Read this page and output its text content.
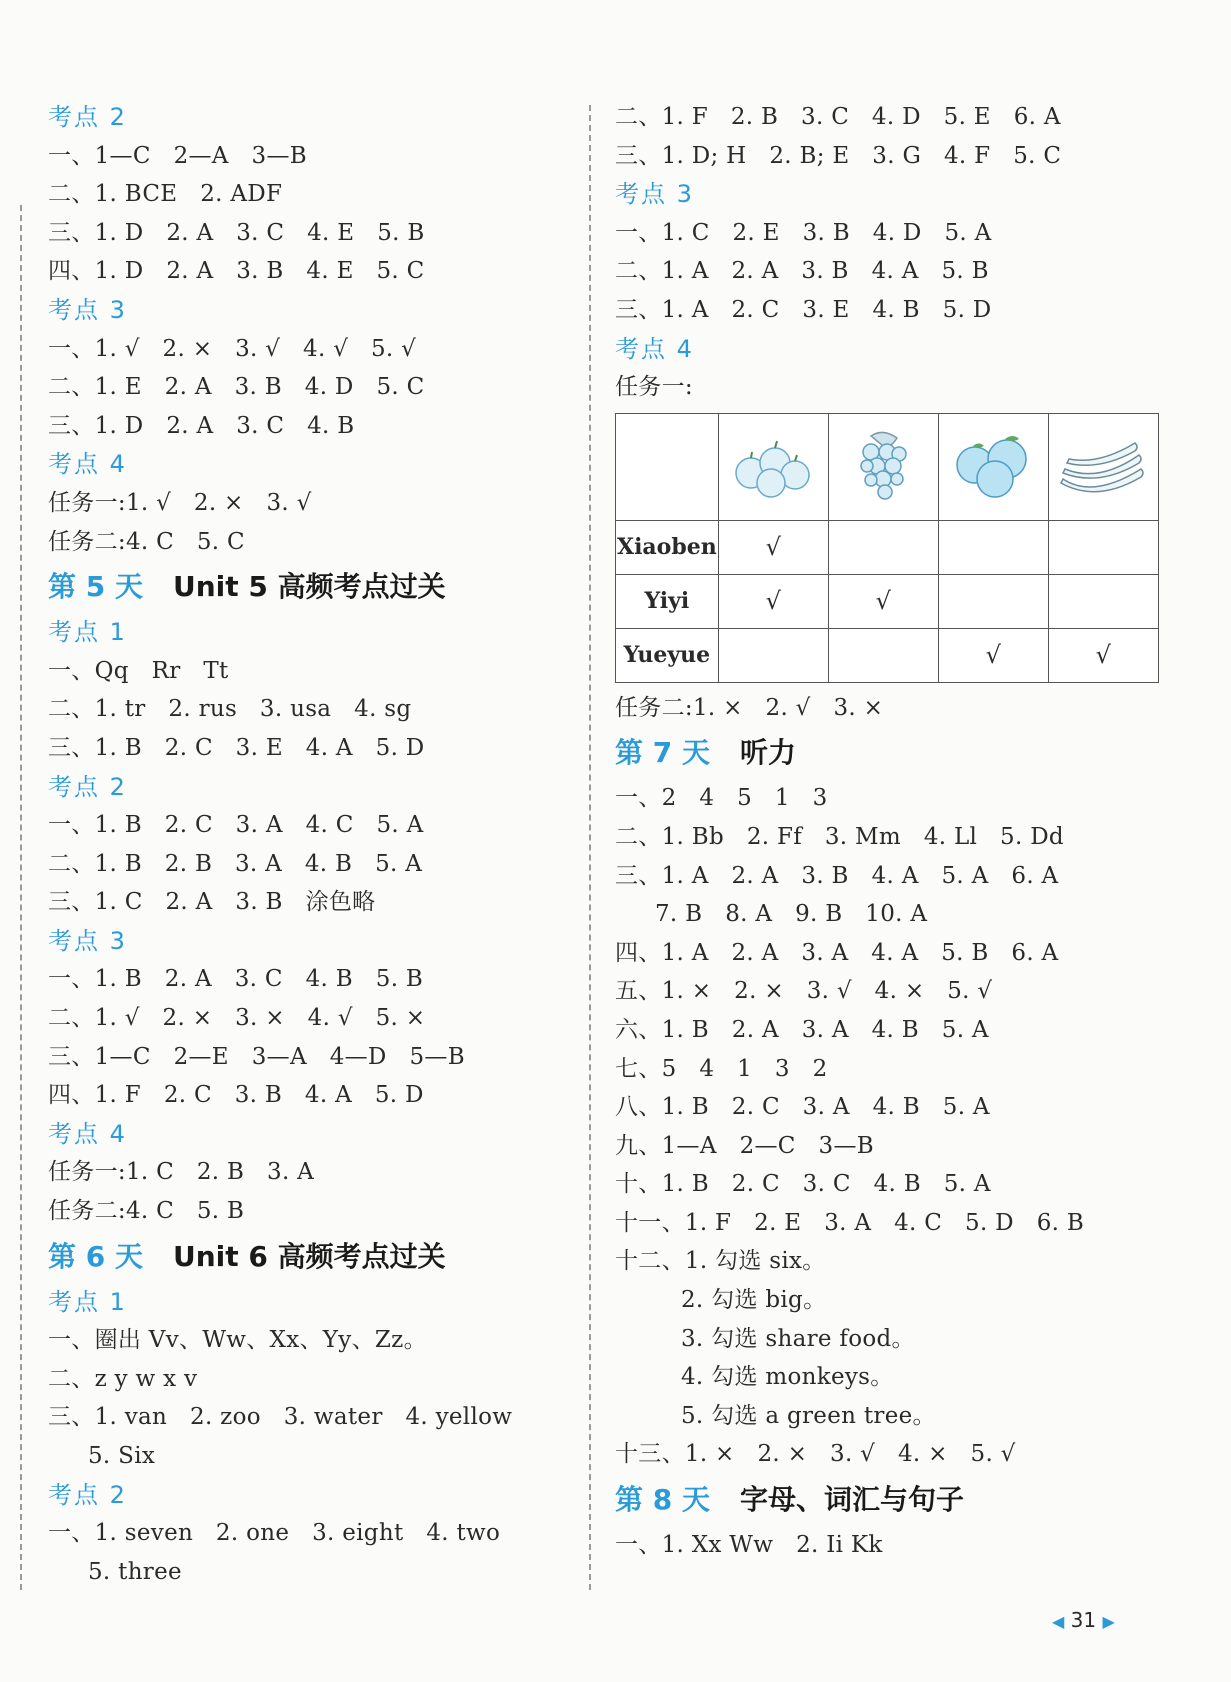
考点 2
一、1—C   2—A   3—B
二、1. BCE   2. ADF
三、1. D   2. A   3. C   4. E   5. B
四、1. D   2. A   3. B   4. E   5. C
考点 3
一、1. √   2. ×   3. √   4. √   5. √
二、1. E   2. A   3. B   4. D   5. C
三、1. D   2. A   3. C   4. B
考点 4
任务一:1. √   2. ×   3. √
任务二:4. C   5. C
第 5 天 Unit 5 高频考点过关
考点 1
一、Qq   Rr   Tt
二、1. tr   2. rus   3. usa   4. sg
三、1. B   2. C   3. E   4. A   5. D
考点 2
一、1. B   2. C   3. A   4. C   5. A
二、1. B   2. B   3. A   4. B   5. A
三、1. C   2. A   3. B   涂色略
考点 3
一、1. B   2. A   3. C   4. B   5. B
二、1. √   2. ×   3. ×   4. √   5. ×
三、1—C   2—E   3—A   4—D   5—B
四、1. F   2. C   3. B   4. A   5. D
考点 4
任务一:1. C   2. B   3. A
任务二:4. C   5. B
第 6 天 Unit 6 高频考点过关
考点 1
一、圈出 Vv、Ww、Xx、Yy、Zz。
二、z y w x v
三、1. van   2. zoo   3. water   4. yellow
5. Six
考点 2
一、1. seven   2. one   3. eight   4. two
5. three
二、1. F   2. B   3. C   4. D   5. E   6. A
三、1. D; H   2. B; E   3. G   4. F   5. C
考点 3
一、1. C   2. E   3. B   4. D   5. A
二、1. A   2. A   3. B   4. A   5. B
三、1. A   2. C   3. E   4. B   5. D
考点 4
任务一:

Xiaoben	√			
Yiyi	√	√		
Yueyue			√	√
任务二:1. ×   2. √   3. ×
第 7 天 听力
一、2   4   5   1   3
二、1. Bb   2. Ff   3. Mm   4. Ll   5. Dd
三、1. A   2. A   3. B   4. A   5. A   6. A
7. B   8. A   9. B   10. A
四、1. A   2. A   3. A   4. A   5. B   6. A
五、1. ×   2. ×   3. √   4. ×   5. √
六、1. B   2. A   3. A   4. B   5. A
七、5   4   1   3   2
八、1. B   2. C   3. A   4. B   5. A
九、1—A   2—C   3—B
十、1. B   2. C   3. C   4. B   5. A
十一、1. F   2. E   3. A   4. C   5. D   6. B
十二、1. 勾选 six。
2. 勾选 big。
3. 勾选 share food。
4. 勾选 monkeys。
5. 勾选 a green tree。
十三、1. ×   2. ×   3. √   4. ×   5. √
第 8 天 字母、词汇与句子
一、1. Xx Ww   2. Ii Kk
◀ 31 ▶
